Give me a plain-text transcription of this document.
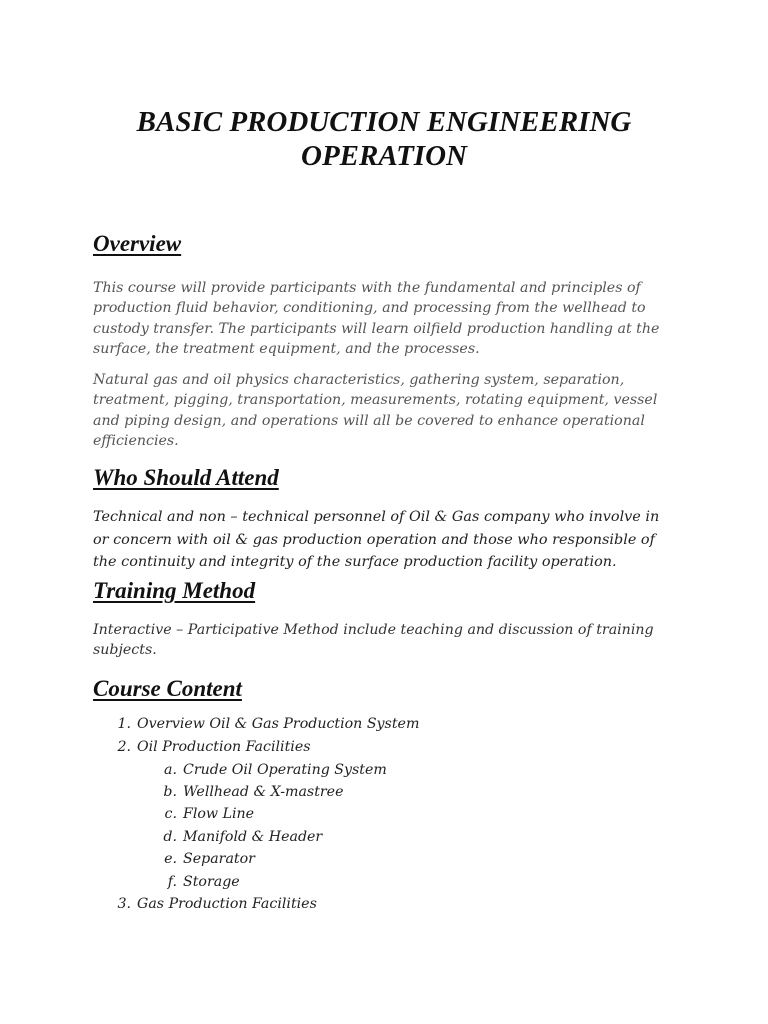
BASIC PRODUCTION ENGINEERING
OPERATION
Overview

This course will provide participants with the fundamental and principles of
production fluid behavior, conditioning, and processing from the wellhead to
custody transfer. The participants will learn oilfield production handling at the
surface, the treatment equipment, and the processes.

Natural gas and oil physics characteristics, gathering system, separation,
treatment, pigging, transportation, measurements, rotating equipment, vessel
and piping design, and operations will all be covered to enhance operational
efficiencies.

Who Should Attend

Technical and non – technical personnel of Oil & Gas company who involve in
or concern with oil & gas production operation and those who responsible of
the continuity and integrity of the surface production facility operation.

Training Method

Interactive – Participative Method include teaching and discussion of training
subjects.

Course Content
1. Overview Oil & Gas Production System
2. Oil Production Facilities
a. Crude Oil Operating System
b. Wellhead & X-mastree
c. Flow Line
d. Manifold & Header
e. Separator
f. Storage
3. Gas Production Facilities
